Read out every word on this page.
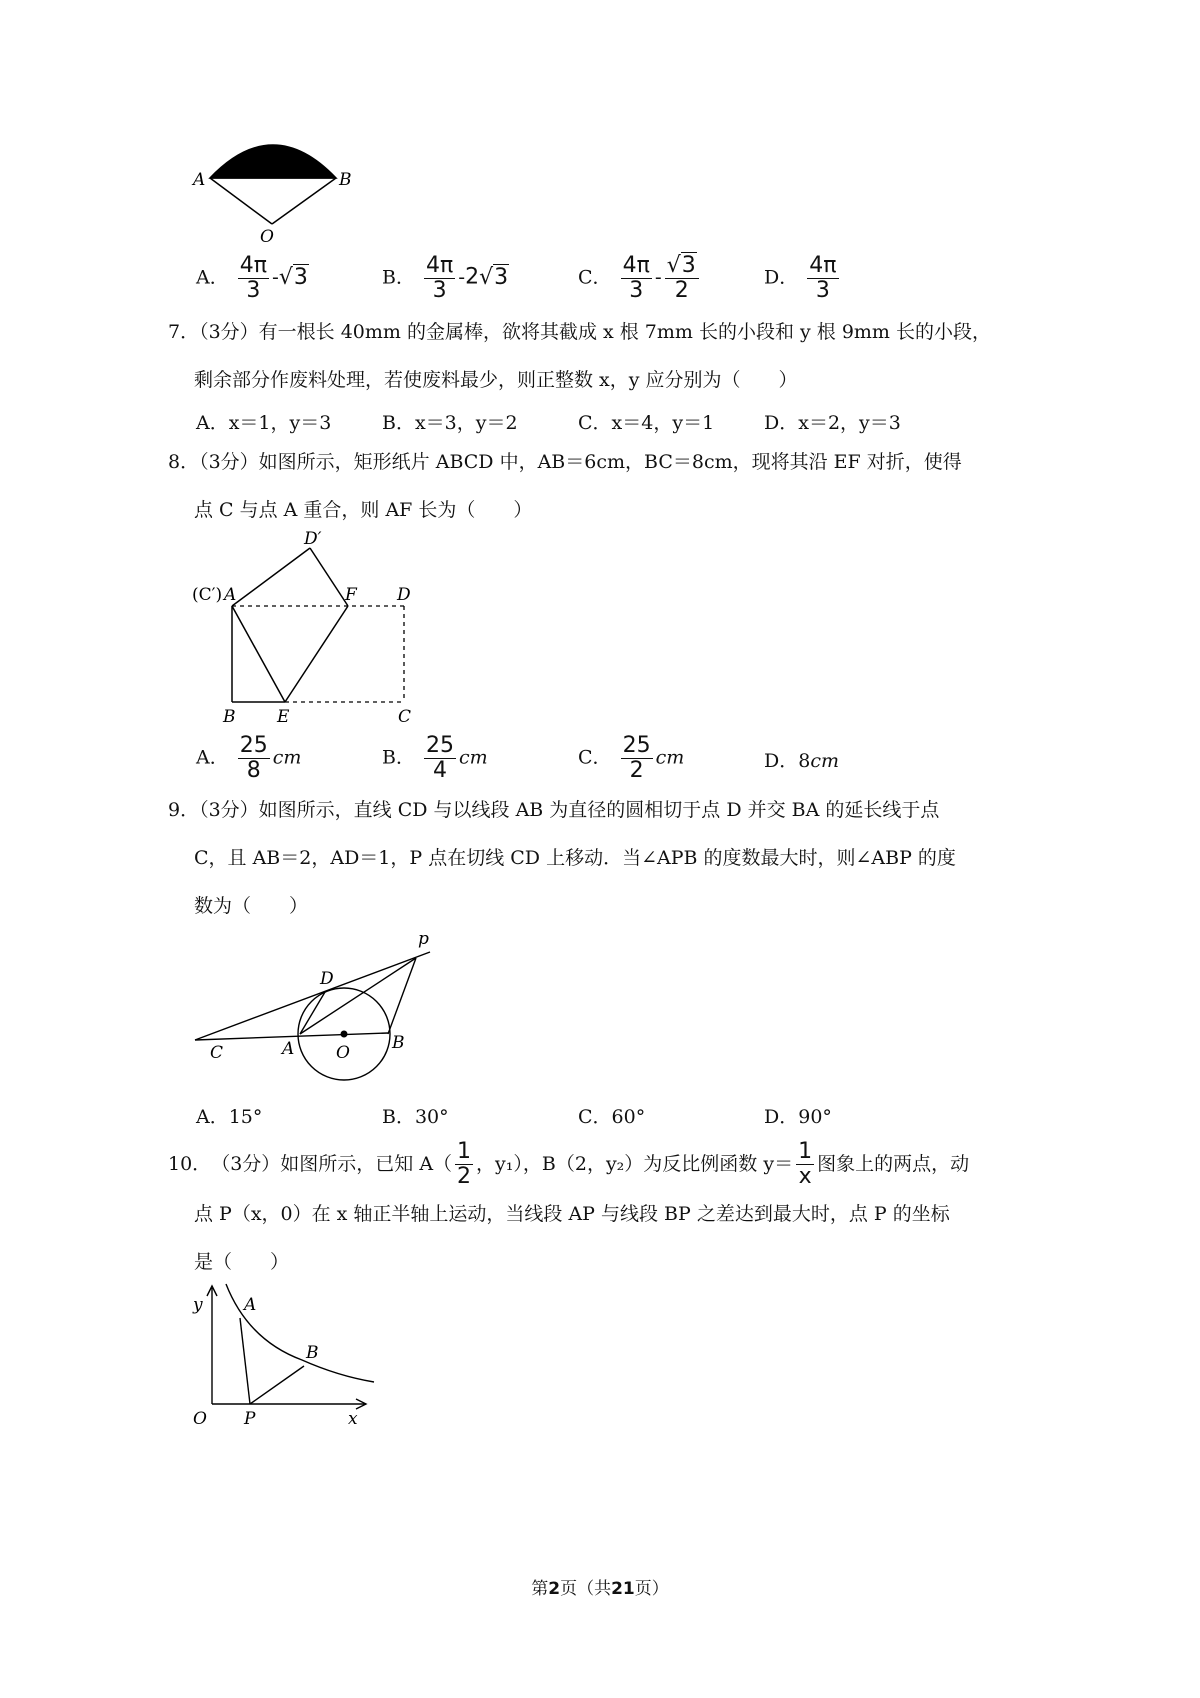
A	B
O
A． $\frac{4\pi}{3} -√3$	B． $\frac{4\pi}{3} -2√3$	C． $\frac{4\pi}{3} - \frac{√3}{2}$	D． $\frac{4\pi}{3}$
7．（3分）有一根长 40mm 的金属棒，欲将其截成 x 根 7mm 长的小段和 y 根 9mm 长的小段，
剩余部分作废料处理，若使废料最少，则正整数 x，y 应分别为（　　）
A．x＝1，y＝3	B．x＝3，y＝2	C．x＝4，y＝1	D．x＝2，y＝3
8．（3分）如图所示，矩形纸片 ABCD 中，AB＝6cm，BC＝8cm，现将其沿 EF 对折，使得
点 C 与点 A 重合，则 AF 长为（　　）
D′
(C′) A	F D
B E	C
A． $\frac{25}{8}$ cm	B． $\frac{25}{4}$ cm	C． $\frac{25}{2}$ cm	D．8cm
9．（3分）如图所示，直线 CD 与以线段 AB 为直径的圆相切于点 D 并交 BA 的延长线于点
C，且 AB＝2，AD＝1，P 点在切线 CD 上移动．当∠APB 的度数最大时，则∠ABP 的度
数为（　　）
p
D
C	A O B
A．15°	B．30°	C．60°	D．90°
10． （3分）如图所示，已知 $A( \frac{1}{2}$ ，y₁），B（2，y₂）为反比例函数 $y= \frac{1}{x}$ 图象上的两点，动
点 P（x，0）在 x 轴正半轴上运动，当线段 AP 与线段 BP 之差达到最大时，点 P 的坐标
是（　　）
y A
B
O P	x
第2页（共21页）
